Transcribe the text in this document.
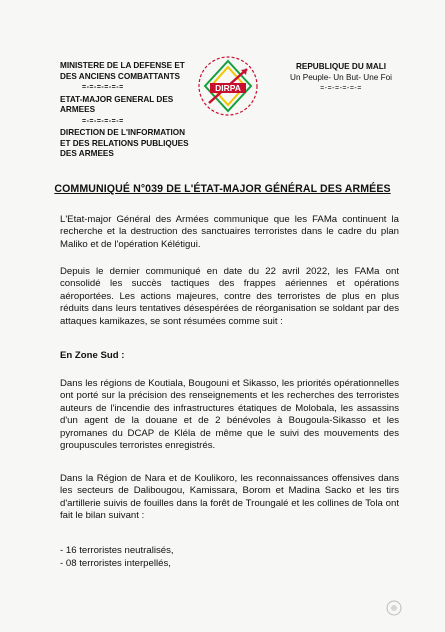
MINISTERE DE LA DEFENSE ET
DES ANCIENS COMBATTANTS
=-=-=-=-=-=
ETAT-MAJOR GENERAL DES ARMEES
=-=-=-=-=-=
DIRECTION DE L'INFORMATION
ET DES RELATIONS PUBLIQUES
DES ARMEES
DIRPA
REPUBLIQUE DU MALI
Un Peuple- Un But- Une Foi
=-=-=-=-=-=
COMMUNIQUÉ N°039 DE L'ÉTAT-MAJOR GÉNÉRAL DES ARMÉES

L'Etat-major Général des Armées communique que les FAMa continuent la recherche et la destruction des sanctuaires terroristes dans le cadre du plan Maliko et de l'opération Kélétigui.

Depuis le dernier communiqué en date du 22 avril 2022, les FAMa ont consolidé les succès tactiques des frappes aériennes et opérations aéroportées. Les actions majeures, contre des terroristes de plus en plus réduits dans leurs tentatives désespérées de réorganisation se soldant par des attaques kamikazes, se sont résumées comme suit :

En Zone Sud :

Dans les régions de Koutiala, Bougouni et Sikasso, les priorités opérationnelles ont porté sur la précision des renseignements et les recherches des terroristes auteurs de l'incendie des infrastructures étatiques de Molobala, les assassins d'un agent de la douane et de 2 bénévoles à Bougoula-Sikasso et les pyromanes du DCAP de Kléla de même que le suivi des mouvements des groupuscules terroristes enregistrés.

Dans la Région de Nara et de Koulikoro, les reconnaissances offensives dans les secteurs de Dalibougou, Kamissara, Borom et Madina Sacko et les tirs d'artillerie suivis de fouilles dans la forêt de Troungalé et les collines de Tola ont fait le bilan suivant :

- 16 terroristes neutralisés,
- 08 terroristes interpellés,
